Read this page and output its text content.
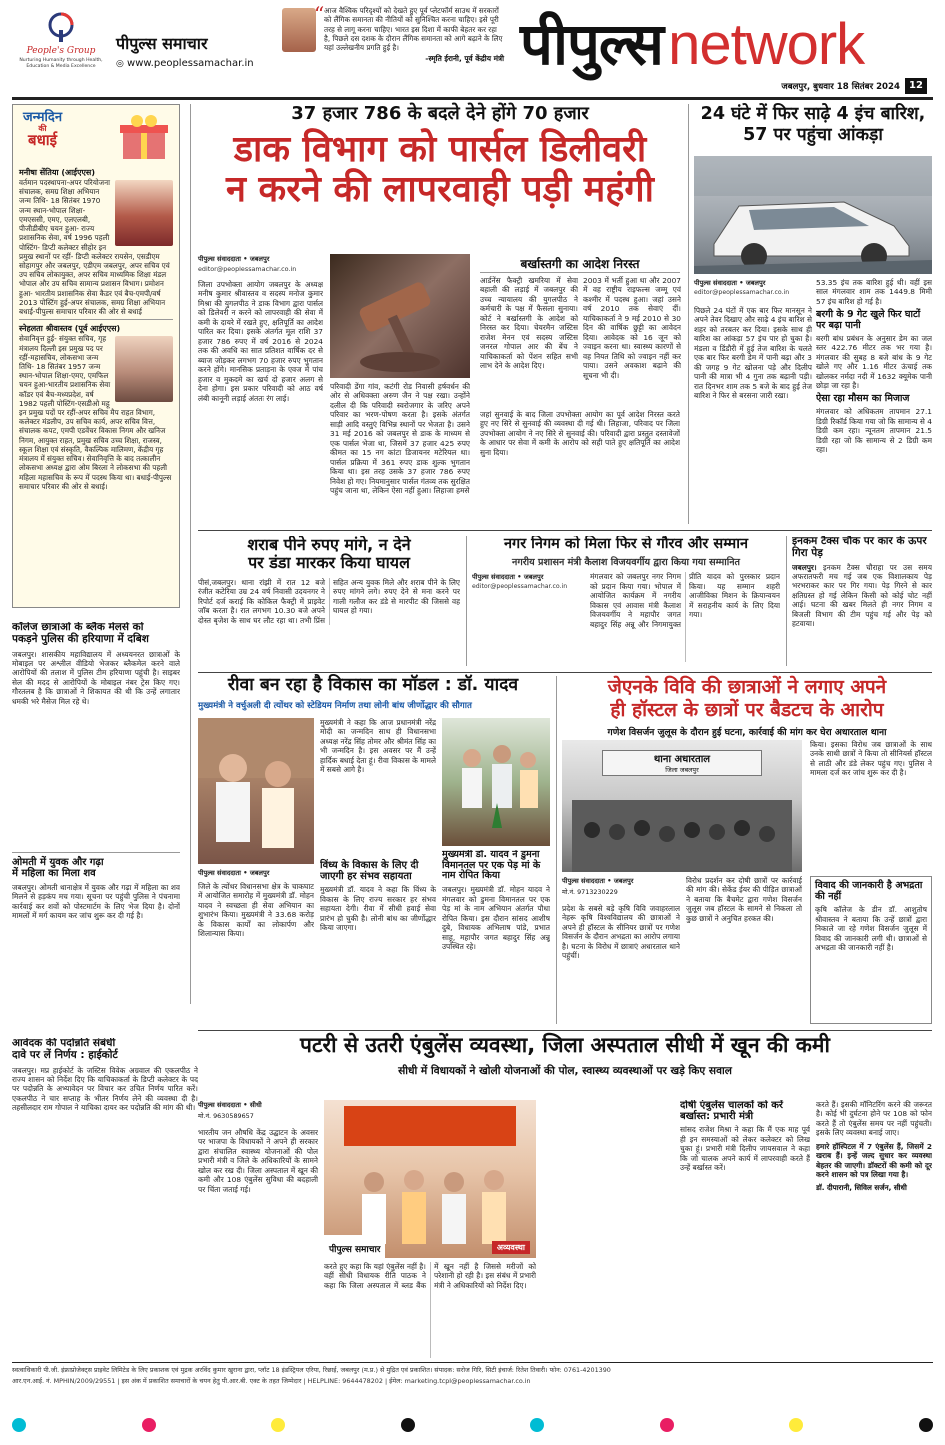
People's Group
Nurturing Humanity through Health, Education & Media Excellence
पीपुल्स समाचार
◎ www.peoplessamachar.in
“ आज वैश्विक परिदृश्यों को देखते हुए पूर्व प्लेटफॉर्म साउथ में सरकारों को लैंगिक समानता की नीतियों को सुनिश्चित करना चाहिए। इसे पूरी तरह से लागू करना चाहिए। भारत इस दिशा में काफी बेहतर कर रहा है, पिछले दस दशक के दौरान लैंगिक समानता को आगे बढ़ाने के लिए यहां उल्लेखनीय प्रगति हुई है।
-स्मृति ईरानी, पूर्व केंद्रीय मंत्री पीपुल्स network
जबलपुर, बुधवार 18 सितंबर 2024 12
जन्मदिन
की
बधाई
मनीषा सेंतिया (आईएएस)
वर्तमान पदस्थापना-अपर परियोजना संचालक, समग्र शिक्षा अभियान जन्म तिथि- 18 सितंबर 1970 जन्म स्थान-भोपाल शिक्षा-एमएससी, एमए, एलएलबी, पीजीडीबीए चयन हुआ- राज्य प्रशासनिक सेवा, वर्ष 1996 पहली पोस्टिंग- डिप्टी कलेक्टर सीहोर इन प्रमुख स्थानों पर रहीं- डिप्टी कलेक्टर रायसेन, एसडीएम सोहागपुर और जबलपुर, एडीएम जबलपुर, अपर सचिव एवं उप सचिव लोकायुक्त, अपर सचिव माध्यमिक शिक्षा मंडल भोपाल और उप सचिव सामान्य प्रशासन विभाग। प्रमोशन हुआ- भारतीय प्रशासनिक सेवा कैडर एवं बैच-एमपी/वर्ष 2013 पोस्टिंग हुई-अपर संचालक, समग्र शिक्षा अभियान बधाई-पीपुल्स समाचार परिवार की ओर से बधाई
स्नेहलता श्रीवास्तव (पूर्व आईएएस)
सेवानिवृत्त हुई- संयुक्त सचिव, गृह मंत्रालय दिल्ली इस प्रमुख पद पर रहीं-महासचिव, लोकसभा जन्म तिथि- 18 सितंबर 1957 जन्म स्थान-भोपाल शिक्षा-एमए, एमफिल चयन हुआ-भारतीय प्रशासनिक सेवा कॉडर एवं बैच-मध्यप्रदेश, वर्ष 1982 पहली पोस्टिंग-एसडीओ महू इन प्रमुख पदों पर रहीं-अपर सचिव मैप राहत विभाग, कलेक्टर मंडलीप, उप सचिव कार्य, अपर सचिव वित्त, संचालक कपट, एमपी एडवेंचर विकास निगम और खनिज निगम, आयुक्त राहत, प्रमुख सचिव उच्च शिक्षा, राजस्व, स्कूल शिक्षा एवं संस्कृति, वैकल्पिक मालिमण, केंद्रीय गृह मंत्रालय में संयुक्त सचिव। सेवानिवृत्ति के बाद तत्कालीन लोकसभा अध्यक्ष द्वारा ओम बिरला ने लोकसभा की पहली महिला महासचिव के रूप में पदस्थ किया था। बधाई-पीपुल्स समाचार परिवार की ओर से बधाई।
कॉलेज छात्राओं के ब्लैक मेलर्स को
पकड़ने पुलिस की हरियाणा में दबिश
जबलपुर। शासकीय महाविद्यालय में अध्ययनरत छात्राओं के मोबाइल पर अश्लील वीडियो भेजकर ब्लैकमेल करने वाले आरोपियों की तलाश में पुलिस टीम हरियाणा पहुंची है। साइबर सेल की मदद से आरोपियों के मोबाइल नंबर ट्रेस किए गए। गौरतलब है कि छात्राओं ने शिकायत की थी कि उन्हें लगातार धमकी भरे मैसेज मिल रहे थे।
ओमती में युवक और गढ़ा
में महिला का मिला शव
जबलपुर। ओमती थानाक्षेत्र में युवक और गढ़ा में महिला का शव मिलने से हड़कंप मच गया। सूचना पर पहुंची पुलिस ने पंचनामा कार्रवाई कर शवों को पोस्टमार्टम के लिए भेज दिया है। दोनों मामलों में मर्ग कायम कर जांच शुरू कर दी गई है।
आवेदक की पदोन्नति संबंधी
दावे पर लें निर्णय : हाईकोर्ट
जबलपुर। मप्र हाईकोर्ट के जस्टिस विवेक अग्रवाल की एकलपीठ ने राज्य शासन को निर्देश दिए कि याचिकाकर्ता के डिप्टी कलेक्टर के पद पर पदोन्नति के अभ्यावेदन पर विचार कर उचित निर्णय पारित करें। एकलपीठ ने चार सप्ताह के भीतर निर्णय लेने की व्यवस्था दी है। तहसीलदार राम गोपाल ने याचिका दायर कर पदोन्नति की मांग की थी।
37 हजार 786 के बदले देने होंगे 70 हजार
डाक विभाग को पार्सल डिलीवरी
न करने की लापरवाही पड़ी महंगी
पीपुल्स संवाददाता • जबलपुर
editor@peoplessamachar.co.in
जिला उपभोक्ता आयोग जबलपुर के अध्यक्ष मनीष कुमार श्रीवास्तव व सदस्य मनोज कुमार मिश्रा की युगलपीठ ने डाक विभाग द्वारा पार्सल को डिलेवरी न करने को लापरवाही की सेवा में कमी के दायरे में रखते हुए, क्षतिपूर्ति का आदेश पारित कर दिया। इसके अंतर्गत मूल राशि 37 हजार 786 रुपए में वर्ष 2016 से 2024 तक की अवधि का सात प्रतिशत वार्षिक दर से ब्याज जोड़कर लगभग 70 हजार रुपए भुगतान करने होंगे। मानसिक प्रताड़ना के एवज में पांच हजार व मुकदमे का खर्च दो हजार अलग से देना होगा। इस प्रकार परिवादी को आठ वर्ष लंबी कानूनी लड़ाई अंततः रंग लाई।
परिवादी डेंगा गांव, कटंगी रोड निवासी हर्षवर्धन की ओर से अधिवक्ता अरुण जैन ने पक्ष रखा। उन्होंने दलील दी कि परिवादी स्वरोजगार के जरिए अपने परिवार का भरण-पोषण करता है। इसके अंतर्गत साड़ी आदि वस्तुएं विभिन्न स्थानों पर भेजता है। उसने 31 मई 2016 को जबलपुर से डाक के माध्यम से एक पार्सल भेजा था, जिसमें 37 हजार 425 रुपए कीमत का 15 नग कांटा डिजायनर मटेरियल था। पार्सल प्रक्रिया में 361 रुपए डाक शुल्क भुगतान किया था। इस तरह उसके 37 हजार 786 रुपए निवेश हो गए। नियमानुसार पार्सल गंतव्य तक सुरक्षित पहुंच जाना था, लेकिन ऐसा नहीं हुआ। लिहाजा हमसे
बर्खास्तगी का आदेश निरस्त
आर्डनेंस फैक्ट्री खमरिया में सेवा बहाली की लड़ाई में जबलपुर की उच्च न्यायालय की युगलपीठ ने कर्मचारी के पक्ष में फैसला सुनाया। कोर्ट ने बर्खास्तगी के आदेश को निरस्त कर दिया। चेयरमैन जस्टिस राजेश मेनन एवं सदस्य जस्टिस जनरल गोपाल आर की बेंच ने याचिकाकर्ता को पेंशन सहित सभी लाभ देने के आदेश दिए।
2003 में भर्ती हुआ था और 2007 में वह राष्ट्रीय राइफल्स जम्मू एवं कश्मीर में पदस्थ हुआ। जहां उसने वर्ष 2010 तक सेवाएं दीं। याचिकाकर्ता ने 9 मई 2010 से 30 दिन की वार्षिक छुट्टी का आवेदन दिया। आवेदक को 16 जून को ज्वाइन करना था। स्वास्थ्य कारणों से वह नियत तिथि को ज्वाइन नहीं कर पाया। उसने अवकाश बढ़ाने की सूचना भी दी।
जहां सुनवाई के बाद जिला उपभोक्ता आयोग का पूर्व आदेश निरस्त करते हुए नए सिरे से सुनवाई की व्यवस्था दी गई थी। लिहाजा, परिवाद पर जिला उपभोक्ता आयोग ने नए सिरे से सुनवाई की। परिवादी द्वारा प्रस्तुत दस्तावेजों के आधार पर सेवा में कमी के आरोप को सही पाते हुए क्षतिपूर्ति का आदेश सुना दिया।
24 घंटे में फिर साढ़े 4 इंच बारिश, 57 पर पहुंचा आंकड़ा
पीपुल्स संवाददाता • जबलपुर
editor@peoplessamachar.co.in
पिछले 24 घंटों में एक बार फिर मानसून ने अपने तेवर दिखाए और साढ़े 4 इंच बारिश से शहर को तरबतर कर दिया। इसके साथ ही बारिश का आंकड़ा 57 इंच पार हो चुका है। मंडला व डिंडौरी में हुई तेज बारिश के चलते एक बार फिर बरगी डेम में पानी बढ़ा और 3 की जगह 9 गेट खोलना पड़े और दिलीप पानी की मात्रा भी 4 गुना तक बढ़ानी पड़ी। रात दिनभर शाम तक 5 बजे के बाद हुई तेज बारिश ने फिर से बरसना जारी रखा।
53.35 इंच तक बारिश हुई थी। वहीं इस साल मंगलवार शाम तक 1449.8 मिमी 57 इंच बारिश हो गई है।
बरगी के 9 गेट खुले फिर घाटों पर बढ़ा पानी
बरगी बांध प्रबंधन के अनुसार डेम का जल स्तर 422.76 मीटर तक भर गया है। मंगलवार की सुबह 8 बजे बांध के 9 गेट खोले गए और 1.16 मीटर ऊंचाई तक खोलकर नर्मदा नदी में 1632 क्यूमेक पानी छोड़ा जा रहा है।
ऐसा रहा मौसम का मिजाज
मंगलवार को अधिकतम तापमान 27.1 डिग्री रिकॉर्ड किया गया जो कि सामान्य से 4 डिग्री कम रहा। न्यूनतम तापमान 21.5 डिग्री रहा जो कि सामान्य से 2 डिग्री कम रहा।
शराब पीने रुपए मांगे, न देने
पर डंडा मारकर किया घायल
पीसं,जबलपुर। थाना रांझी में रात 12 बजे रंजीत कटेरिया उम्र 24 वर्ष निवासी उदयनगर ने रिपोर्ट दर्ज कराई कि कोकिल फैक्ट्री में प्राइवेट जाॅब करता है। रात लगभग 10.30 बजे अपने दोस्त बृजेश के साथ घर लौट रहा था। तभी प्रिंस सहित अन्य युवक मिले और शराब पीने के लिए रुपए मांगने लगे। रुपए देने से मना करने पर गाली गलौज कर डंडे से मारपीट की जिससे वह घायल हो गया।
नगर निगम को मिला फिर से गौरव और सम्मान
नगरीय प्रशासन मंत्री कैलाश विजयवर्गीय द्वारा किया गया सम्मानित
पीपुल्स संवाददाता • जबलपुर
editor@peoplessamachar.co.in
मंगलवार को जबलपुर नगर निगम को प्रदान किया गया। भोपाल में आयोजित कार्यक्रम में नगरीय विकास एवं आवास मंत्री कैलाश विजयवर्गीय ने महापौर जगत बहादुर सिंह अन्नू और निगमायुक्त प्रीति यादव को पुरस्कार प्रदान किया। यह सम्मान शहरी आजीविका मिशन के क्रियान्वयन में सराहनीय कार्य के लिए दिया गया।
इनकम टैक्स चौक पर कार के ऊपर गिरा पेड़
जबलपुर। इनकम टैक्स चौराहा पर उस समय अफरातफरी मच गई जब एक विशालकाय पेड़ भरभराकर कार पर गिर गया। पेड़ गिरने से कार क्षतिग्रस्त हो गई लेकिन किसी को कोई चोट नहीं आई। घटना की खबर मिलते ही नगर निगम व बिजली विभाग की टीम पहुंच गई और पेड़ को हटवाया।
रीवा बन रहा है विकास का मॉडल : डॉ. यादव
मुख्यमंत्री ने वर्चुअली दी त्योंथर को स्टेडियम निर्माण तथा लोनी बांध जीर्णोद्धार की सौगात
पीपुल्स संवाददाता • जबलपुर
जिले के त्योंथर विधानसभा क्षेत्र के चाकघाट में आयोजित समारोह में मुख्यमंत्री डॉ. मोहन यादव ने स्वच्छता ही सेवा अभियान का शुभारंभ किया। मुख्यमंत्री ने 33.68 करोड़ के विकास कार्यों का लोकार्पण और शिलान्यास किया।
मुख्यमंत्री ने कहा कि आज प्रधानमंत्री नरेंद्र मोदी का जन्मदिन साथ ही विधानसभा अध्यक्ष नरेंद्र सिंह तोमर और श्रीमंत सिंह का भी जन्मदिन है। इस अवसर पर मैं उन्हें हार्दिक बधाई देता हूं। रीवा विकास के मामले में सबसे आगे है।
विंध्य के विकास के लिए दी जाएगी हर संभव सहायता
मुख्यमंत्री डॉ. यादव ने कहा कि विंध्य के विकास के लिए राज्य सरकार हर संभव सहायता देगी। रीवा में सीधी हवाई सेवा प्रारंभ हो चुकी है। लोनी बांध का जीर्णोद्धार किया जाएगा।
मुख्यमंत्री डॉ. यादव ने डुमना विमानतल पर एक पेड़ मां के नाम रोपित किया
जबलपुर। मुख्यमंत्री डॉ. मोहन यादव ने मंगलवार को डुमना विमानतल पर एक पेड़ मां के नाम अभियान अंतर्गत पौधा रोपित किया। इस दौरान सांसद आशीष दुबे, विधायक अभिलाष पांडे, प्रभात साहू, महापौर जगत बहादुर सिंह अन्नू उपस्थित रहे।
जेएनके विवि की छात्राओं ने लगाए अपने
ही हॉस्टल के छात्रों पर बैडटच के आरोप
गणेश विसर्जन जुलूस के दौरान हुई घटना, कार्रवाई की मांग कर घेरा अधारताल थाना
थाना अधारताल
जिला जबलपुर
पीपुल्स संवाददाता • जबलपुर
मो.नं. 9713230229
प्रदेश के सबसे बड़े कृषि विवि जवाहरलाल नेहरू कृषि विश्वविद्यालय की छात्राओं ने अपने ही हॉस्टल के सीनियर छात्रों पर गणेश विसर्जन के दौरान अभद्रता का आरोप लगाया है। घटना के विरोध में छात्राएं अधारताल थाने पहुंचीं।
विरोध प्रदर्शन कर दोषी छात्रों पर कार्रवाई की मांग की। सेकेंड ईयर की पीड़ित छात्राओं ने बताया कि बैचमेट द्वारा गणेश विसर्जन जुलूस जब हॉस्टल के सामने से निकला तो कुछ छात्रों ने अनुचित हरकत की।
किया। इसका विरोध जब छात्राओं के साथ उनके साथी छात्रों ने किया तो सीनियर्स हॉस्टल से लाठी और डंडे लेकर पहुंच गए। पुलिस ने मामला दर्ज कर जांच शुरू कर दी है।
विवाद की जानकारी है अभद्रता की नहीं
कृषि कॉलेज के डीन डॉ. आशुतोष श्रीवास्तव ने बताया कि उन्हें छात्रों द्वारा निकाले जा रहे गणेश विसर्जन जुलूस में विवाद की जानकारी लगी थी। छात्राओं से अभद्रता की जानकारी नहीं है।
पटरी से उतरी एंबुलेंस व्यवस्था, जिला अस्पताल सीधी में खून की कमी
सीधी में विधायकों ने खोली योजनाओं की पोल, स्वास्थ्य व्यवस्थाओं पर खड़े किए सवाल
पीपुल्स संवाददाता • सीधी
मो.नं. 9630589657
भारतीय जन औषधि केंद्र उद्घाटन के अवसर पर भाजपा के विधायकों ने अपने ही सरकार द्वारा संचालित स्वास्थ्य योजनाओं की पोल प्रभारी मंत्री व जिले के अधिकारियों के सामने खोल कर रख दी। जिला अस्पताल में खून की कमी और 108 एंबुलेंस सुविधा की बदहाली पर चिंता जताई गई।
पीपुल्स समाचार	अव्यवस्था
करते हुए कहा कि यहां एंबुलेंस नहीं है। वहीं सीधी विधायक रीति पाठक ने कहा कि जिला अस्पताल में ब्लड बैंक में खून नहीं है जिससे मरीजों को परेशानी हो रही है। इस संबंध में प्रभारी मंत्री ने अधिकारियों को निर्देश दिए।
दोषी एंबुलेंस चालकों को करें बर्खास्त: प्रभारी मंत्री
सांसद राजेश मिश्रा ने कहा कि मैं एक माह पूर्व ही इन समस्याओं को लेकर कलेक्टर को लिख चुका हूं। प्रभारी मंत्री दिलीप जायसवाल ने कहा कि जो चालक अपने कार्य में लापरवाही करते हैं उन्हें बर्खास्त करें।
करते हैं। इसकी मॉनिटरिंग करने की जरूरत है। कोई भी दुर्घटना होने पर 108 को फोन करते हैं तो एंबुलेंस समय पर नहीं पहुंचती। इसके लिए व्यवस्था बनाई जाए।
हमारे हॉस्पिटल में 7 एंबुलेंस हैं, जिसमें 2 खराब हैं। इन्हें जल्द सुधार कर व्यवस्था बेहतर की जाएगी। डॉक्टरों की कमी को दूर करने शासन को पत्र लिखा गया है।
डॉ. दीपारानी, सिविल सर्जन, सीधी
स्वत्वाधिकारी पी.जी. इंफ्राप्रोजेक्ट्स प्राइवेट लिमिटेड के लिए प्रकाशक एवं मुद्रक अरविंद कुमार खुराना द्वारा, प्लॉट 18 इंडस्ट्रियल एरिया, रिछाई, जबलपुर (म.प्र.) से मुद्रित एवं प्रकाशित। संपादक: सरोज गिरि, सिटी इंचार्ज: रितेश तिवारी। फोन: 0761-4201390
आर.एन.आई. नं. MPHIN/2009/29551 | इस अंक में प्रकाशित समाचारों के चयन हेतु पी.आर.बी. एक्ट के तहत जिम्मेदार | HELPLINE: 9644478202 | ईमेल: marketing.tcpl@peoplessamachar.co.in
